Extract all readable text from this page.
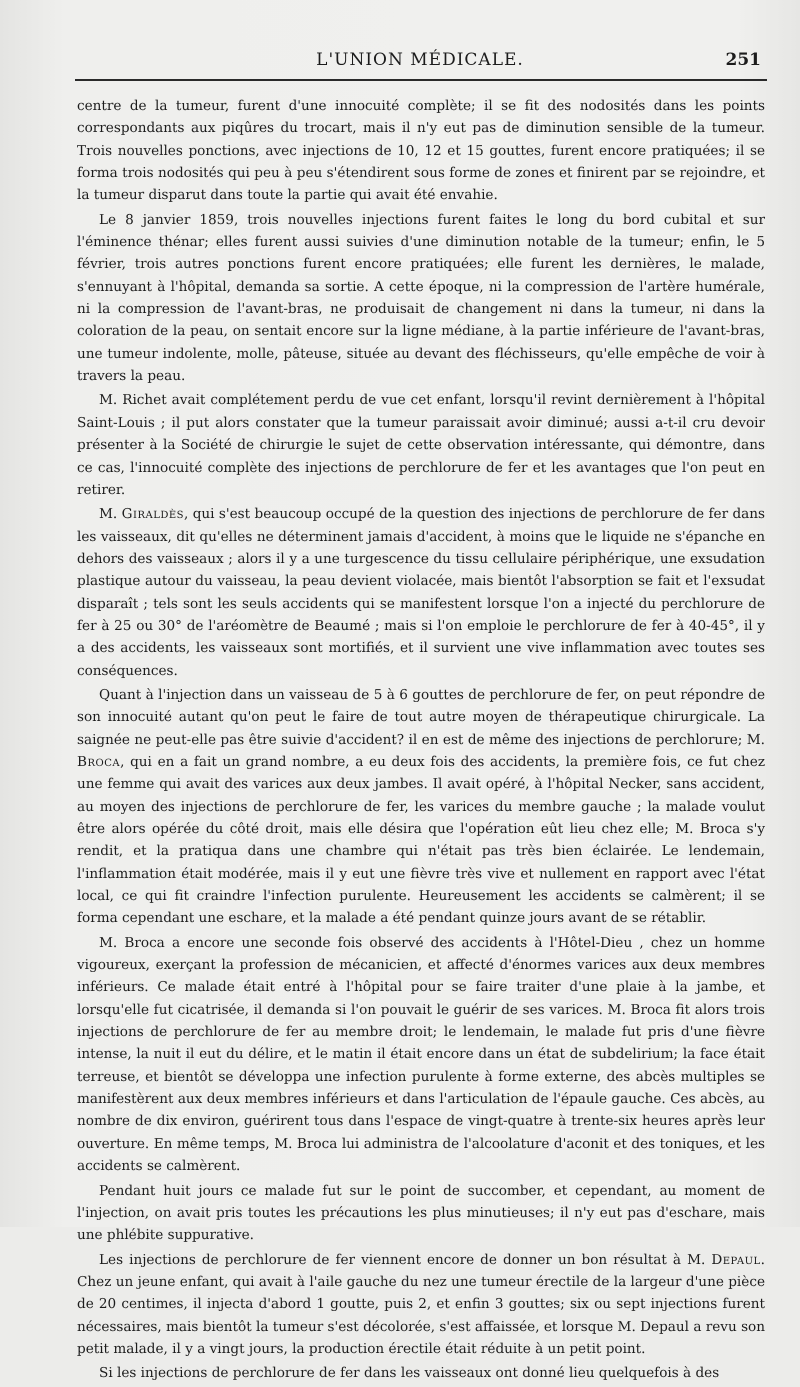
L'UNION MÉDICALE.	251

centre de la tumeur, furent d'une innocuité complète; il se fit des nodosités dans les points correspondants aux piqûres du trocart, mais il n'y eut pas de diminution sensible de la tumeur. Trois nouvelles ponctions, avec injections de 10, 12 et 15 gouttes, furent encore pratiquées; il se forma trois nodosités qui peu à peu s'étendirent sous forme de zones et finirent par se rejoindre, et la tumeur disparut dans toute la partie qui avait été envahie.

Le 8 janvier 1859, trois nouvelles injections furent faites le long du bord cubital et sur l'éminence thénar; elles furent aussi suivies d'une diminution notable de la tumeur; enfin, le 5 février, trois autres ponctions furent encore pratiquées; elle furent les dernières, le malade, s'ennuyant à l'hôpital, demanda sa sortie. A cette époque, ni la compression de l'artère humérale, ni la compression de l'avant-bras, ne produisait de changement ni dans la tumeur, ni dans la coloration de la peau, on sentait encore sur la ligne médiane, à la partie inférieure de l'avant-bras, une tumeur indolente, molle, pâteuse, située au devant des fléchisseurs, qu'elle empêche de voir à travers la peau.

M. Richet avait complétement perdu de vue cet enfant, lorsqu'il revint dernièrement à l'hôpital Saint-Louis ; il put alors constater que la tumeur paraissait avoir diminué; aussi a-t-il cru devoir présenter à la Société de chirurgie le sujet de cette observation intéressante, qui démontre, dans ce cas, l'innocuité complète des injections de perchlorure de fer et les avantages que l'on peut en retirer.

M. Giraldès, qui s'est beaucoup occupé de la question des injections de perchlorure de fer dans les vaisseaux, dit qu'elles ne déterminent jamais d'accident, à moins que le liquide ne s'épanche en dehors des vaisseaux ; alors il y a une turgescence du tissu cellulaire périphérique, une exsudation plastique autour du vaisseau, la peau devient violacée, mais bientôt l'absorption se fait et l'exsudat disparaît ; tels sont les seuls accidents qui se manifestent lorsque l'on a injecté du perchlorure de fer à 25 ou 30° de l'aréomètre de Beaumé ; mais si l'on emploie le perchlorure de fer à 40-45°, il y a des accidents, les vaisseaux sont mortifiés, et il survient une vive inflammation avec toutes ses conséquences.

Quant à l'injection dans un vaisseau de 5 à 6 gouttes de perchlorure de fer, on peut répondre de son innocuité autant qu'on peut le faire de tout autre moyen de thérapeutique chirurgicale. La saignée ne peut-elle pas être suivie d'accident? il en est de même des injections de perchlorure; M. Broca, qui en a fait un grand nombre, a eu deux fois des accidents, la première fois, ce fut chez une femme qui avait des varices aux deux jambes. Il avait opéré, à l'hôpital Necker, sans accident, au moyen des injections de perchlorure de fer, les varices du membre gauche ; la malade voulut être alors opérée du côté droit, mais elle désira que l'opération eût lieu chez elle; M. Broca s'y rendit, et la pratiqua dans une chambre qui n'était pas très bien éclairée. Le lendemain, l'inflammation était modérée, mais il y eut une fièvre très vive et nullement en rapport avec l'état local, ce qui fit craindre l'infection purulente. Heureusement les accidents se calmèrent; il se forma cependant une eschare, et la malade a été pendant quinze jours avant de se rétablir.

M. Broca a encore une seconde fois observé des accidents à l'Hôtel-Dieu , chez un homme vigoureux, exerçant la profession de mécanicien, et affecté d'énormes varices aux deux membres inférieurs. Ce malade était entré à l'hôpital pour se faire traiter d'une plaie à la jambe, et lorsqu'elle fut cicatrisée, il demanda si l'on pouvait le guérir de ses varices. M. Broca fit alors trois injections de perchlorure de fer au membre droit; le lendemain, le malade fut pris d'une fièvre intense, la nuit il eut du délire, et le matin il était encore dans un état de subdelirium; la face était terreuse, et bientôt se développa une infection purulente à forme externe, des abcès multiples se manifestèrent aux deux membres inférieurs et dans l'articulation de l'épaule gauche. Ces abcès, au nombre de dix environ, guérirent tous dans l'espace de vingt-quatre à trente-six heures après leur ouverture. En même temps, M. Broca lui administra de l'alcoolature d'aconit et des toniques, et les accidents se calmèrent.

Pendant huit jours ce malade fut sur le point de succomber, et cependant, au moment de l'injection, on avait pris toutes les précautions les plus minutieuses; il n'y eut pas d'eschare, mais une phlébite suppurative.

Les injections de perchlorure de fer viennent encore de donner un bon résultat à M. Depaul. Chez un jeune enfant, qui avait à l'aile gauche du nez une tumeur érectile de la largeur d'une pièce de 20 centimes, il injecta d'abord 1 goutte, puis 2, et enfin 3 gouttes; six ou sept injections furent nécessaires, mais bientôt la tumeur s'est décolorée, s'est affaissée, et lorsque M. Depaul a revu son petit malade, il y a vingt jours, la production érectile était réduite à un petit point.

Si les injections de perchlorure de fer dans les vaisseaux ont donné lieu quelquefois à des
